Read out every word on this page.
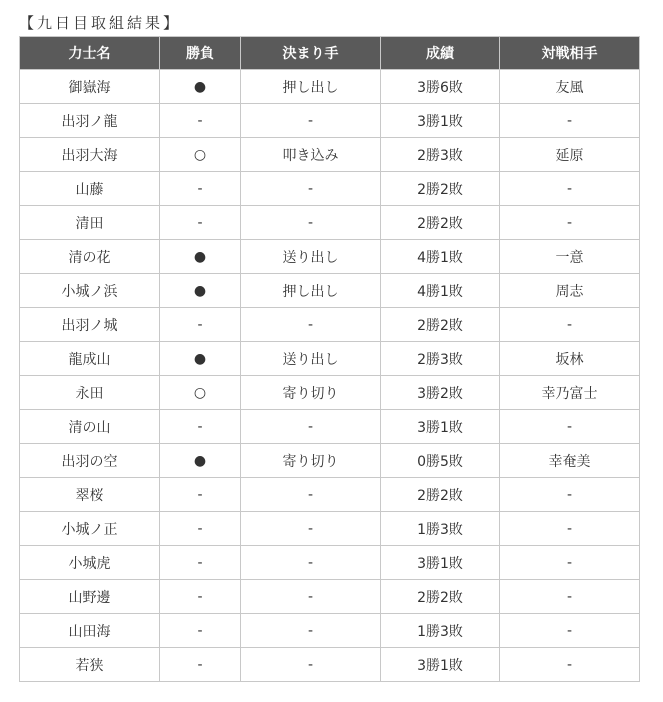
【九日目取組結果】
力士名	勝負	決まり手	成績	対戦相手
御嶽海	●	押し出し	3勝6敗	友風
出羽ノ龍	-	-	3勝1敗	-
出羽大海	○	叩き込み	2勝3敗	延原
山藤	-	-	2勝2敗	-
清田	-	-	2勝2敗	-
清の花	●	送り出し	4勝1敗	一意
小城ノ浜	●	押し出し	4勝1敗	周志
出羽ノ城	-	-	2勝2敗	-
龍成山	●	送り出し	2勝3敗	坂林
永田	○	寄り切り	3勝2敗	幸乃富士
清の山	-	-	3勝1敗	-
出羽の空	●	寄り切り	0勝5敗	幸奄美
翠桜	-	-	2勝2敗	-
小城ノ正	-	-	1勝3敗	-
小城虎	-	-	3勝1敗	-
山野邊	-	-	2勝2敗	-
山田海	-	-	1勝3敗	-
若狭	-	-	3勝1敗	-
